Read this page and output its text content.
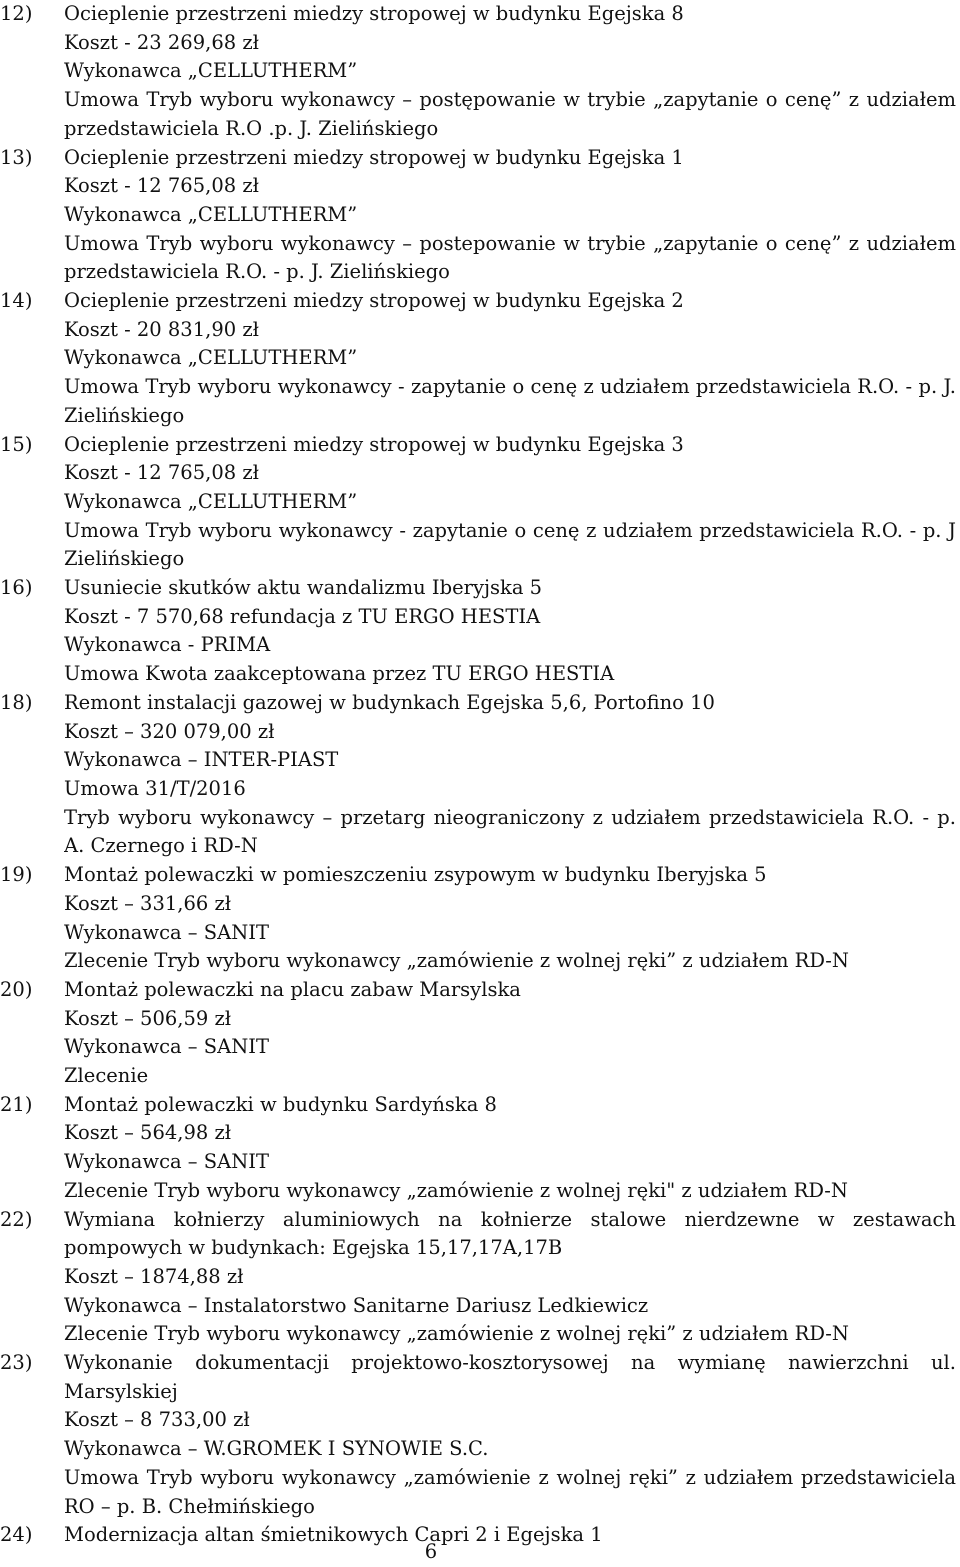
12)	Ocieplenie przestrzeni miedzy stropowej w budynku Egejska 8
Koszt - 23 269,68 zł
Wykonawca „CELLUTHERM”
Umowa Tryb wyboru wykonawcy – postępowanie w trybie „zapytanie o cenę” z udziałem przedstawiciela R.O .p. J. Zielińskiego
13)	Ocieplenie przestrzeni miedzy stropowej w budynku Egejska 1
Koszt - 12 765,08 zł
Wykonawca „CELLUTHERM”
Umowa Tryb wyboru wykonawcy – postepowanie w trybie „zapytanie o cenę” z udziałem przedstawiciela R.O. - p. J. Zielińskiego
14)	Ocieplenie przestrzeni miedzy stropowej w budynku Egejska 2
Koszt - 20 831,90 zł
Wykonawca „CELLUTHERM”
Umowa Tryb wyboru wykonawcy - zapytanie o cenę z udziałem przedstawiciela R.O. - p. J. Zielińskiego
15)	Ocieplenie przestrzeni miedzy stropowej w budynku Egejska 3
Koszt - 12 765,08 zł
Wykonawca „CELLUTHERM”
Umowa Tryb wyboru wykonawcy - zapytanie o cenę z udziałem przedstawiciela R.O. - p. J Zielińskiego
16)	Usuniecie skutków aktu wandalizmu Iberyjska 5
Koszt - 7 570,68 refundacja z TU ERGO HESTIA
Wykonawca - PRIMA
Umowa Kwota zaakceptowana przez TU ERGO HESTIA
18)	Remont instalacji gazowej w budynkach Egejska 5,6, Portofino 10
Koszt – 320 079,00 zł
Wykonawca – INTER-PIAST
Umowa 31/T/2016
Tryb wyboru wykonawcy – przetarg nieograniczony z udziałem przedstawiciela R.O. - p. A. Czernego i RD-N
19)	Montaż polewaczki w pomieszczeniu zsypowym w budynku Iberyjska 5
Koszt – 331,66 zł
Wykonawca – SANIT
Zlecenie Tryb wyboru wykonawcy „zamówienie z wolnej ręki” z udziałem RD-N
20)	Montaż polewaczki na placu zabaw Marsylska
Koszt – 506,59 zł
Wykonawca – SANIT
Zlecenie
21)	Montaż polewaczki w budynku Sardyńska 8
Koszt – 564,98 zł
Wykonawca – SANIT
Zlecenie Tryb wyboru wykonawcy „zamówienie z wolnej ręki" z udziałem RD-N
22)	Wymiana kołnierzy aluminiowych na kołnierze stalowe nierdzewne w zestawach pompowych w budynkach: Egejska 15,17,17A,17B
Koszt – 1874,88 zł
Wykonawca – Instalatorstwo Sanitarne Dariusz Ledkiewicz
Zlecenie Tryb wyboru wykonawcy „zamówienie z wolnej ręki” z udziałem RD-N
23)	Wykonanie dokumentacji projektowo-kosztorysowej na wymianę nawierzchni ul. Marsylskiej
Koszt – 8 733,00 zł
Wykonawca – W.GROMEK I SYNOWIE S.C.
Umowa Tryb wyboru wykonawcy „zamówienie z wolnej ręki” z udziałem przedstawiciela RO – p. B. Chełmińskiego
24)	Modernizacja altan śmietnikowych Capri 2 i Egejska 1
6
